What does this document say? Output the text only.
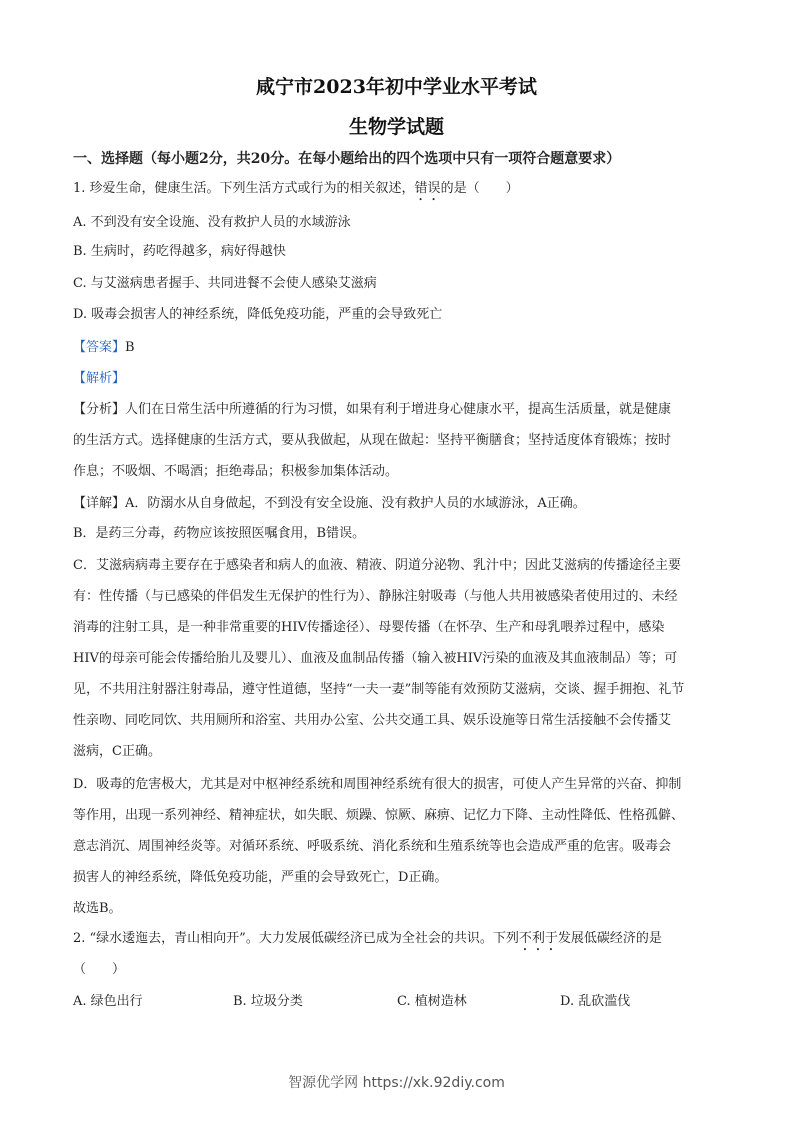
咸宁市2023年初中学业水平考试
生物学试题
一、选择题（每小题2分，共20分。在每小题给出的四个选项中只有一项符合题意要求）
1. 珍爱生命，健康生活。下列生活方式或行为的相关叙述，错误的是（　　）
A. 不到没有安全设施、没有救护人员的水域游泳
B. 生病时，药吃得越多，病好得越快
C. 与艾滋病患者握手、共同进餐不会使人感染艾滋病
D. 吸毒会损害人的神经系统，降低免疫功能，严重的会导致死亡
【答案】B
【解析】
【分析】人们在日常生活中所遵循的行为习惯，如果有利于增进身心健康水平，提高生活质量，就是健康
的生活方式。选择健康的生活方式，要从我做起，从现在做起：坚持平衡膳食；坚持适度体育锻炼；按时
作息；不吸烟、不喝酒；拒绝毒品；积极参加集体活动。
【详解】A．防溺水从自身做起，不到没有安全设施、没有救护人员的水域游泳，A正确。
B．是药三分毒，药物应该按照医嘱食用，B错误。
C．艾滋病病毒主要存在于感染者和病人的血液、精液、阴道分泌物、乳汁中；因此艾滋病的传播途径主要
有：性传播（与已感染的伴侣发生无保护的性行为）、静脉注射吸毒（与他人共用被感染者使用过的、未经
消毒的注射工具，是一种非常重要的HIV传播途径）、母婴传播（在怀孕、生产和母乳喂养过程中，感染
HIV的母亲可能会传播给胎儿及婴儿）、血液及血制品传播（输入被HIV污染的血液及其血液制品）等；可
见，不共用注射器注射毒品，遵守性道德，坚持“一夫一妻”制等能有效预防艾滋病，交谈、握手拥抱、礼节
性亲吻、同吃同饮、共用厕所和浴室、共用办公室、公共交通工具、娱乐设施等日常生活接触不会传播艾
滋病，C正确。
D．吸毒的危害极大，尤其是对中枢神经系统和周围神经系统有很大的损害，可使人产生异常的兴奋、抑制
等作用，出现一系列神经、精神症状，如失眠、烦躁、惊厥、麻痹、记忆力下降、主动性降低、性格孤僻、
意志消沉、周围神经炎等。对循环系统、呼吸系统、消化系统和生殖系统等也会造成严重的危害。吸毒会
损害人的神经系统，降低免疫功能，严重的会导致死亡，D正确。
故选B。
2. “绿水逶迤去，青山相向开”。大力发展低碳经济已成为全社会的共识。下列不利于发展低碳经济的是
（　　）
A. 绿色出行	B. 垃圾分类	C. 植树造林	D. 乱砍滥伐
智源优学网 https://xk.92diy.com
